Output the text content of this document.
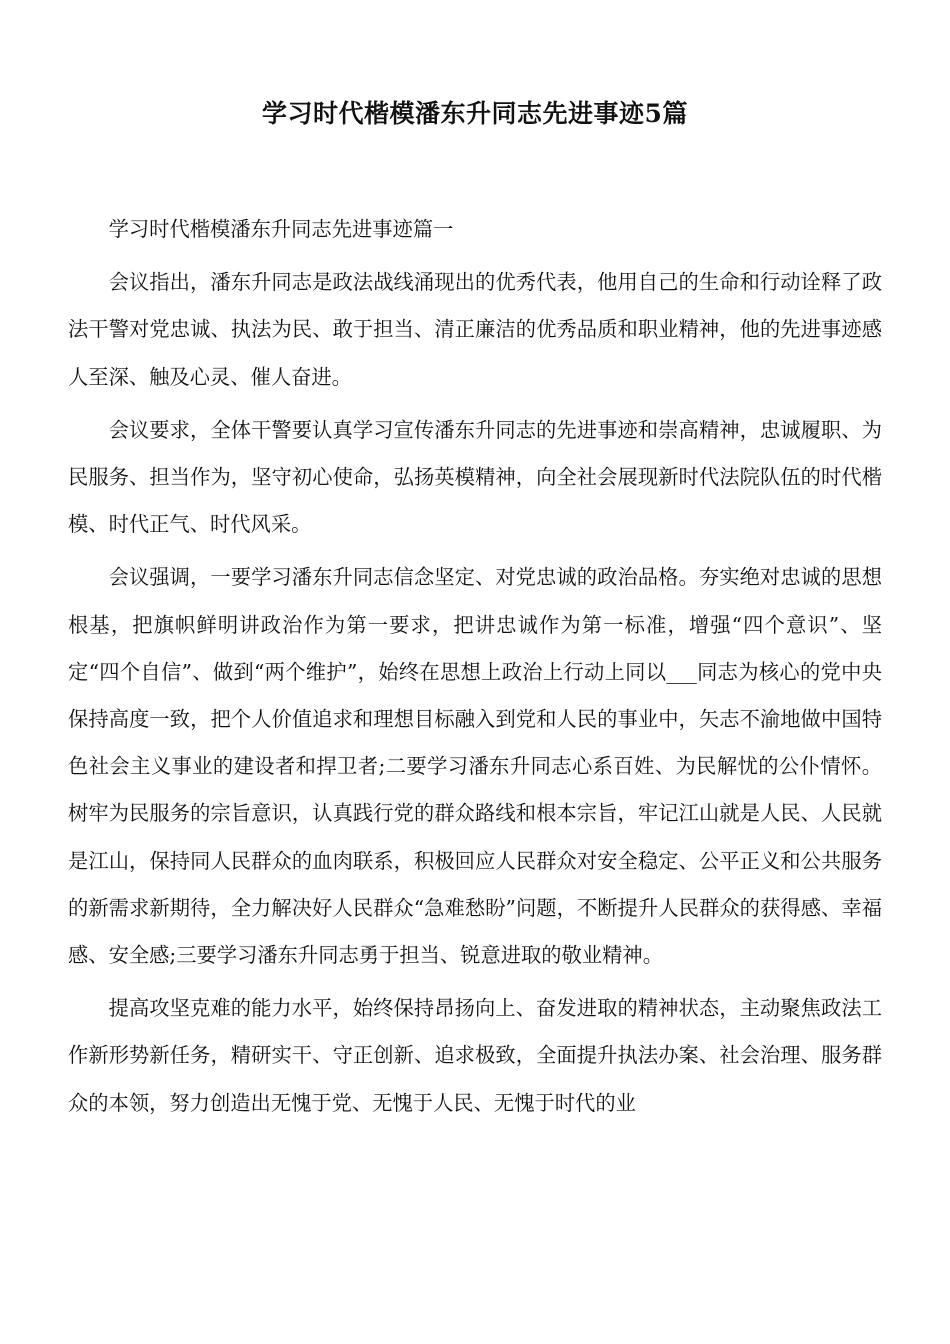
学习时代楷模潘东升同志先进事迹5篇

学习时代楷模潘东升同志先进事迹篇一

会议指出，潘东升同志是政法战线涌现出的优秀代表，他用自己的生命和行动诠释了政法干警对党忠诚、执法为民、敢于担当、清正廉洁的优秀品质和职业精神，他的先进事迹感人至深、触及心灵、催人奋进。

会议要求，全体干警要认真学习宣传潘东升同志的先进事迹和崇高精神，忠诚履职、为民服务、担当作为，坚守初心使命，弘扬英模精神，向全社会展现新时代法院队伍的时代楷模、时代正气、时代风采。

会议强调，一要学习潘东升同志信念坚定、对党忠诚的政治品格。夯实绝对忠诚的思想根基，把旗帜鲜明讲政治作为第一要求，把讲忠诚作为第一标准，增强“四个意识”、坚定“四个自信”、做到“两个维护”，始终在思想上政治上行动上同以___同志为核心的党中央保持高度一致，把个人价值追求和理想目标融入到党和人民的事业中，矢志不渝地做中国特色社会主义事业的建设者和捍卫者;二要学习潘东升同志心系百姓、为民解忧的公仆情怀。树牢为民服务的宗旨意识，认真践行党的群众路线和根本宗旨，牢记江山就是人民、人民就是江山，保持同人民群众的血肉联系，积极回应人民群众对安全稳定、公平正义和公共服务的新需求新期待，全力解决好人民群众“急难愁盼”问题，不断提升人民群众的获得感、幸福感、安全感;三要学习潘东升同志勇于担当、锐意进取的敬业精神。

提高攻坚克难的能力水平，始终保持昂扬向上、奋发进取的精神状态，主动聚焦政法工作新形势新任务，精研实干、守正创新、追求极致，全面提升执法办案、社会治理、服务群众的本领，努力创造出无愧于党、无愧于人民、无愧于时代的业
